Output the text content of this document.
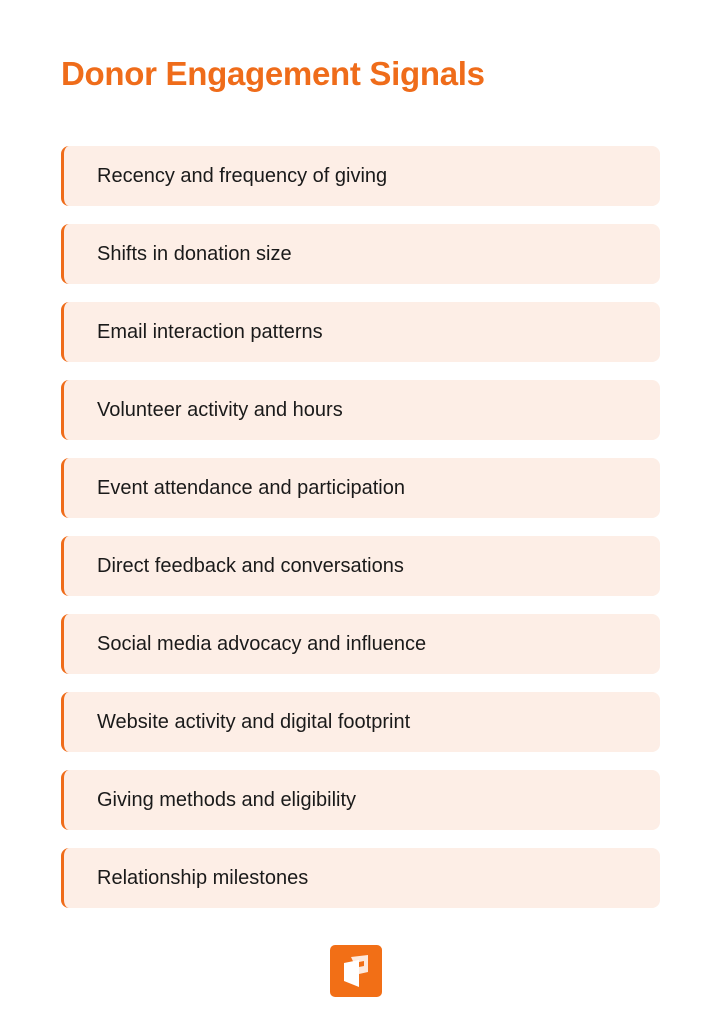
Donor Engagement Signals
Recency and frequency of giving
Shifts in donation size
Email interaction patterns
Volunteer activity and hours
Event attendance and participation
Direct feedback and conversations
Social media advocacy and influence
Website activity and digital footprint
Giving methods and eligibility
Relationship milestones
